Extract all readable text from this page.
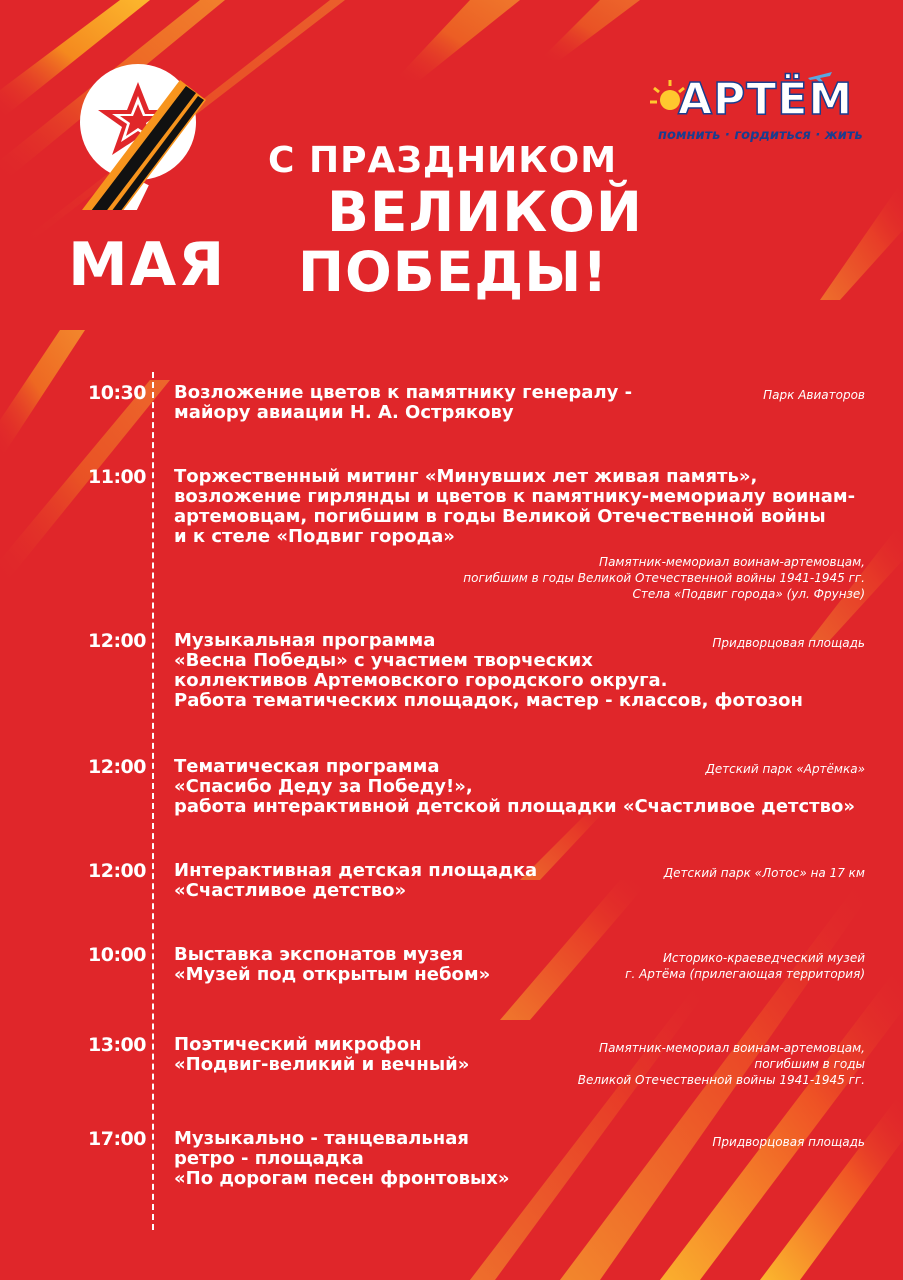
МАЯ
С ПРАЗДНИКОМ
ВЕЛИКОЙ
ПОБЕДЫ!
АРТЁМ
помнить · гордиться · жить
10:30 Возложение цветов к памятнику генералу -
майору авиации Н. А. Острякову
Парк Авиаторов
11:00 Торжественный митинг «Минувших лет живая память»,
возложение гирлянды и цветов к памятнику-мемориалу воинам-
артемовцам, погибшим в годы Великой Отечественной войны
и к стеле «Подвиг города»
Памятник-мемориал воинам-артемовцам,
погибшим в годы Великой Отечественной войны 1941-1945 гг.
Стела «Подвиг города» (ул. Фрунзе)
12:00 Музыкальная программа
«Весна Победы» с участием творческих
коллективов Артемовского городского округа.
Работа тематических площадок, мастер - классов, фотозон
Придворцовая площадь
12:00 Тематическая программа
«Спасибо Деду за Победу!»,
работа интерактивной детской площадки «Счастливое детство»
Детский парк «Артёмка»
12:00 Интерактивная детская площадка
«Счастливое детство»
Детский парк «Лотос» на 17 км
10:00 Выставка экспонатов музея
«Музей под открытым небом»
Историко-краеведческий музей
г. Артёма (прилегающая территория)
13:00 Поэтический микрофон
«Подвиг-великий и вечный»
Памятник-мемориал воинам-артемовцам,
погибшим в годы
Великой Отечественной войны 1941-1945 гг.
17:00 Музыкально - танцевальная
ретро - площадка
«По дорогам песен фронтовых»
Придворцовая площадь
